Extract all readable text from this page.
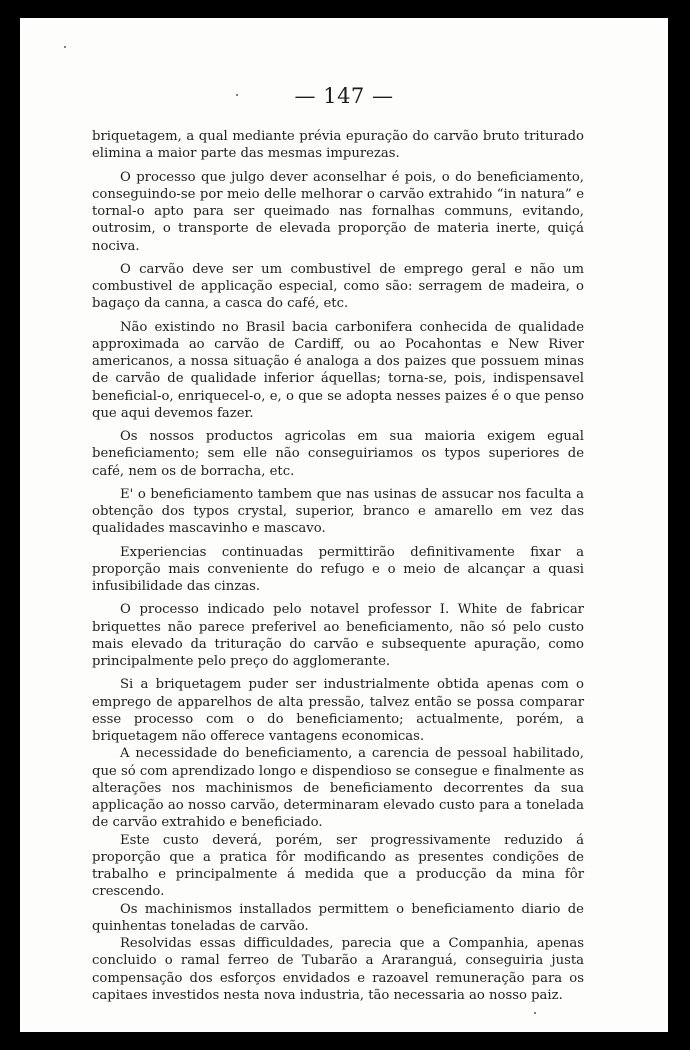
— 147 —

briquetagem, a qual mediante prévia epuração do carvão bruto triturado elimina a maior parte das mesmas impurezas.

O processo que julgo dever aconselhar é pois, o do beneficiamento, conseguindo-se por meio delle melhorar o carvão extrahido “in natura” e tornal-o apto para ser queimado nas fornalhas communs, evitando, outrosim, o transporte de elevada proporção de materia inerte, quiçá nociva.

O carvão deve ser um combustivel de emprego geral e não um combustivel de applicação especial, como são: serragem de madeira, o bagaço da canna, a casca do café, etc.

Não existindo no Brasil bacia carbonifera conhecida de qualidade approximada ao carvão de Cardiff, ou ao Pocahontas e New River americanos, a nossa situação é analoga a dos paizes que possuem minas de carvão de qualidade inferior áquellas; torna-se, pois, indispensavel beneficial-o, enriquecel-o, e, o que se adopta nesses paizes é o que penso que aqui devemos fazer.

Os nossos productos agricolas em sua maioria exigem egual beneficiamento; sem elle não conseguiriamos os typos superiores de café, nem os de borracha, etc.

E' o beneficiamento tambem que nas usinas de assucar nos faculta a obtenção dos typos crystal, superior, branco e amarello em vez das qualidades mascavinho e mascavo.

Experiencias continuadas permittirão definitivamente fixar a proporção mais conveniente do refugo e o meio de alcançar a quasi infusibilidade das cinzas.

O processo indicado pelo notavel professor I. White de fabricar briquettes não parece preferivel ao beneficiamento, não só pelo custo mais elevado da trituração do carvão e subsequente apuração, como principalmente pelo preço do agglomerante.

Si a briquetagem puder ser industrialmente obtida apenas com o emprego de apparelhos de alta pressão, talvez então se possa comparar esse processo com o do beneficiamento; actualmente, porém, a briquetagem não offerece vantagens economicas.

A necessidade do beneficiamento, a carencia de pessoal habilitado, que só com aprendizado longo e dispendioso se consegue e finalmente as alterações nos machinismos de beneficiamento decorrentes da sua applicação ao nosso carvão, determinaram elevado custo para a tonelada de carvão extrahido e beneficiado.

Este custo deverá, porém, ser progressivamente reduzido á proporção que a pratica fôr modificando as presentes condições de trabalho e principalmente á medida que a producção da mina fôr crescendo.

Os machinismos installados permittem o beneficiamento diario de quinhentas toneladas de carvão.

Resolvidas essas difficuldades, parecia que a Companhia, apenas concluido o ramal ferreo de Tubarão a Araranguá, conseguiria justa compensação dos esforços envidados e razoavel remuneração para os capitaes investidos nesta nova industria, tão necessaria ao nosso paiz.
